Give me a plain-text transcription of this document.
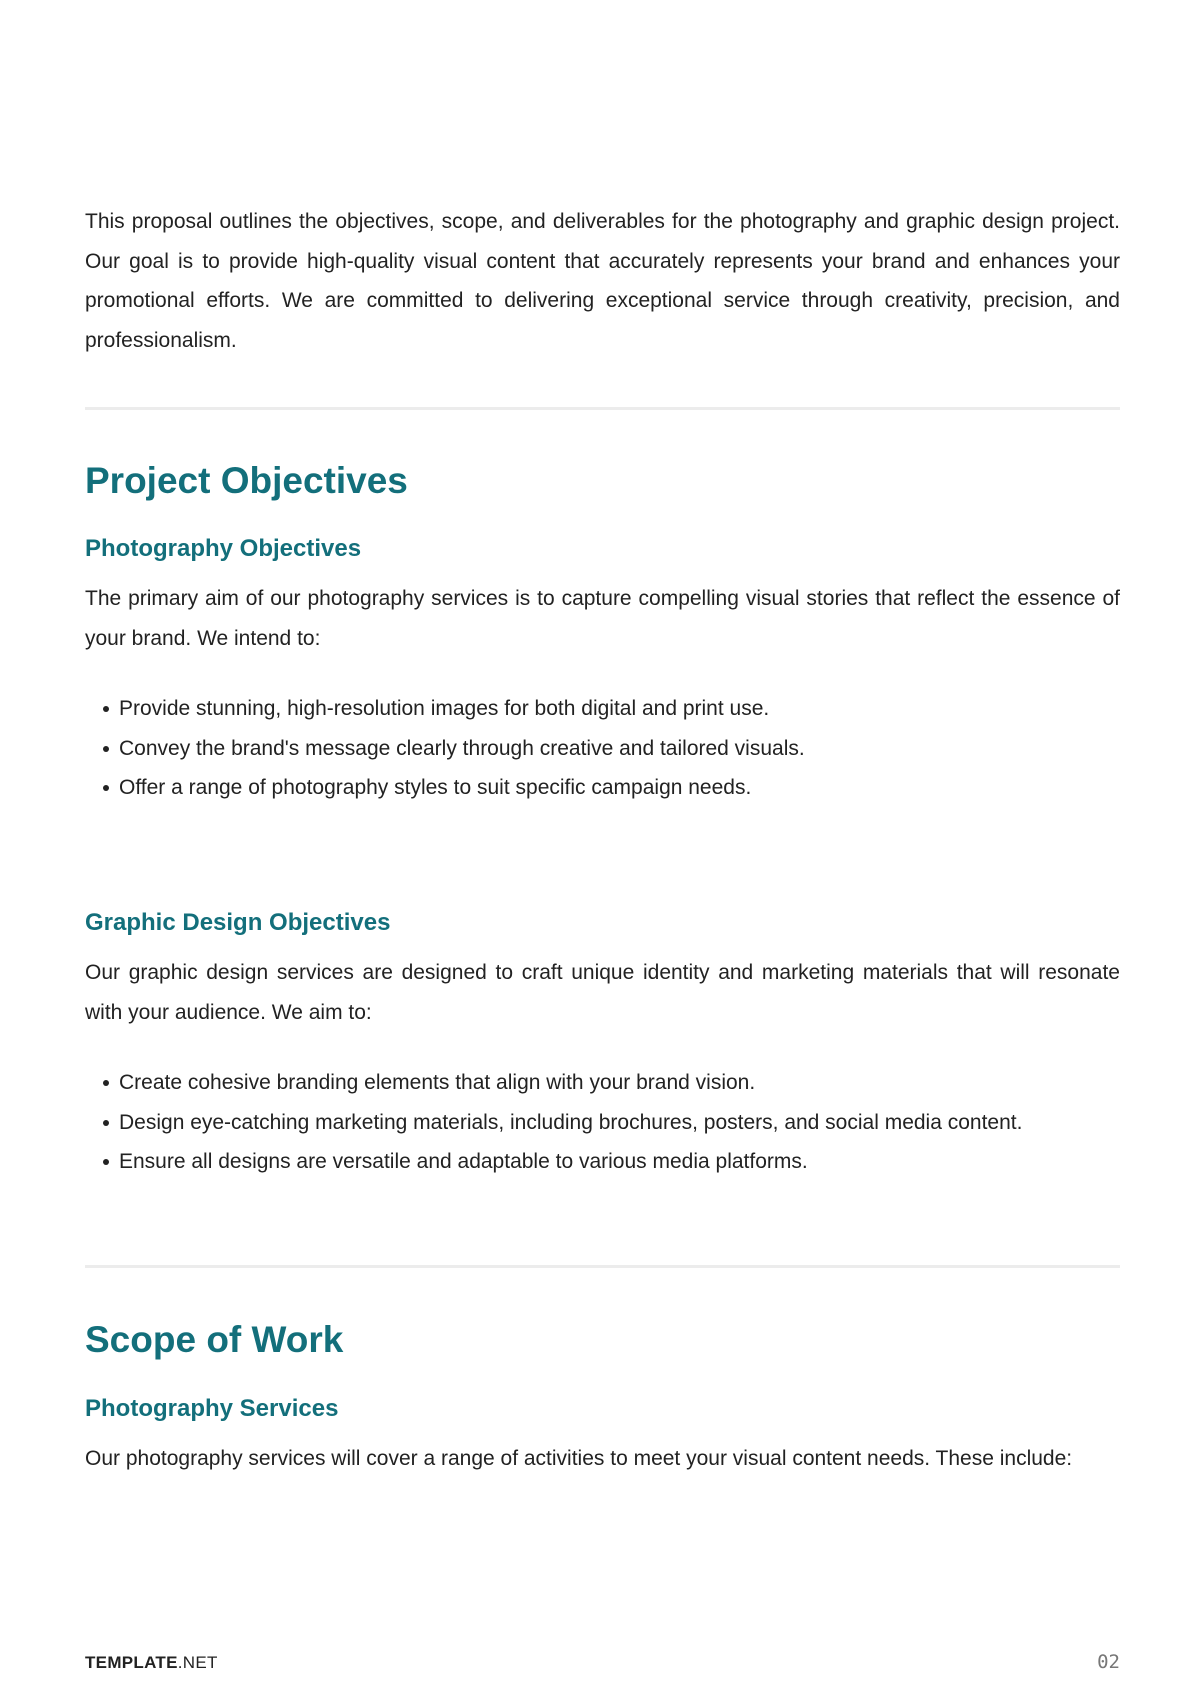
This proposal outlines the objectives, scope, and deliverables for the photography and graphic design project. Our goal is to provide high-quality visual content that accurately represents your brand and enhances your promotional efforts. We are committed to delivering exceptional service through creativity, precision, and professionalism.

Project Objectives
Photography Objectives

The primary aim of our photography services is to capture compelling visual stories that reflect the essence of your brand. We intend to:

Provide stunning, high-resolution images for both digital and print use.
Convey the brand's message clearly through creative and tailored visuals.
Offer a range of photography styles to suit specific campaign needs.
Graphic Design Objectives

Our graphic design services are designed to craft unique identity and marketing materials that will resonate with your audience. We aim to:

Create cohesive branding elements that align with your brand vision.
Design eye-catching marketing materials, including brochures, posters, and social media content.
Ensure all designs are versatile and adaptable to various media platforms.
Scope of Work
Photography Services

Our photography services will cover a range of activities to meet your visual content needs. These include:

TEMPLATE.NET	02
